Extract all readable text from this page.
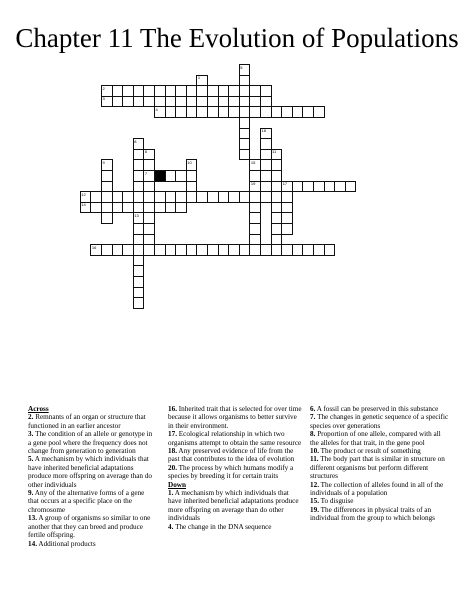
Chapter 11 The Evolution of Populations
1
2
3
4
7
12
14
16
19
5
6
8
9	10
11
13
15
17
18
Across

2. Remnants of an organ or structure that functioned in an earlier ancestor

3. The condition of an allele or genotype in a gene pool where the frequency does not change from generation to generation

5. A mechanism by which individuals that have inherited beneficial adaptations produce more offspring on average than do other individuals

9. Any of the alternative forms of a gene that occurs at a specific place on the chromosome

13. A group of organisms so similar to one another that they can breed and produce fertile offspring.

14. Additional products

16. Inherited trait that is selected for over time because it allows organisms to better survive in their environment.

17. Ecological relationship in which two organisms attempt to obtain the same resource

18. Any preserved evidence of life from the past that contributes to the idea of evolution

20. The process by which humans modify a species by breeding it for certain traits

Down

1. A mechanism by which individuals that have inherited beneficial adaptations produce more offspring on average than do other individuals

4. The change in the DNA sequence

6. A fossil can be preserved in this substance

7. The changes in genetic sequence of a specific species over generations

8. Proportion of one allele, compared with all the alleles for that trait, in the gene pool

10. The product or result of something

11. The body part that is similar in structure on different organisms but perform different structures

12. The collection of alleles found in all of the individuals of a population

15. To disguise

19. The differences in physical traits of an individual from the group to which belongs
